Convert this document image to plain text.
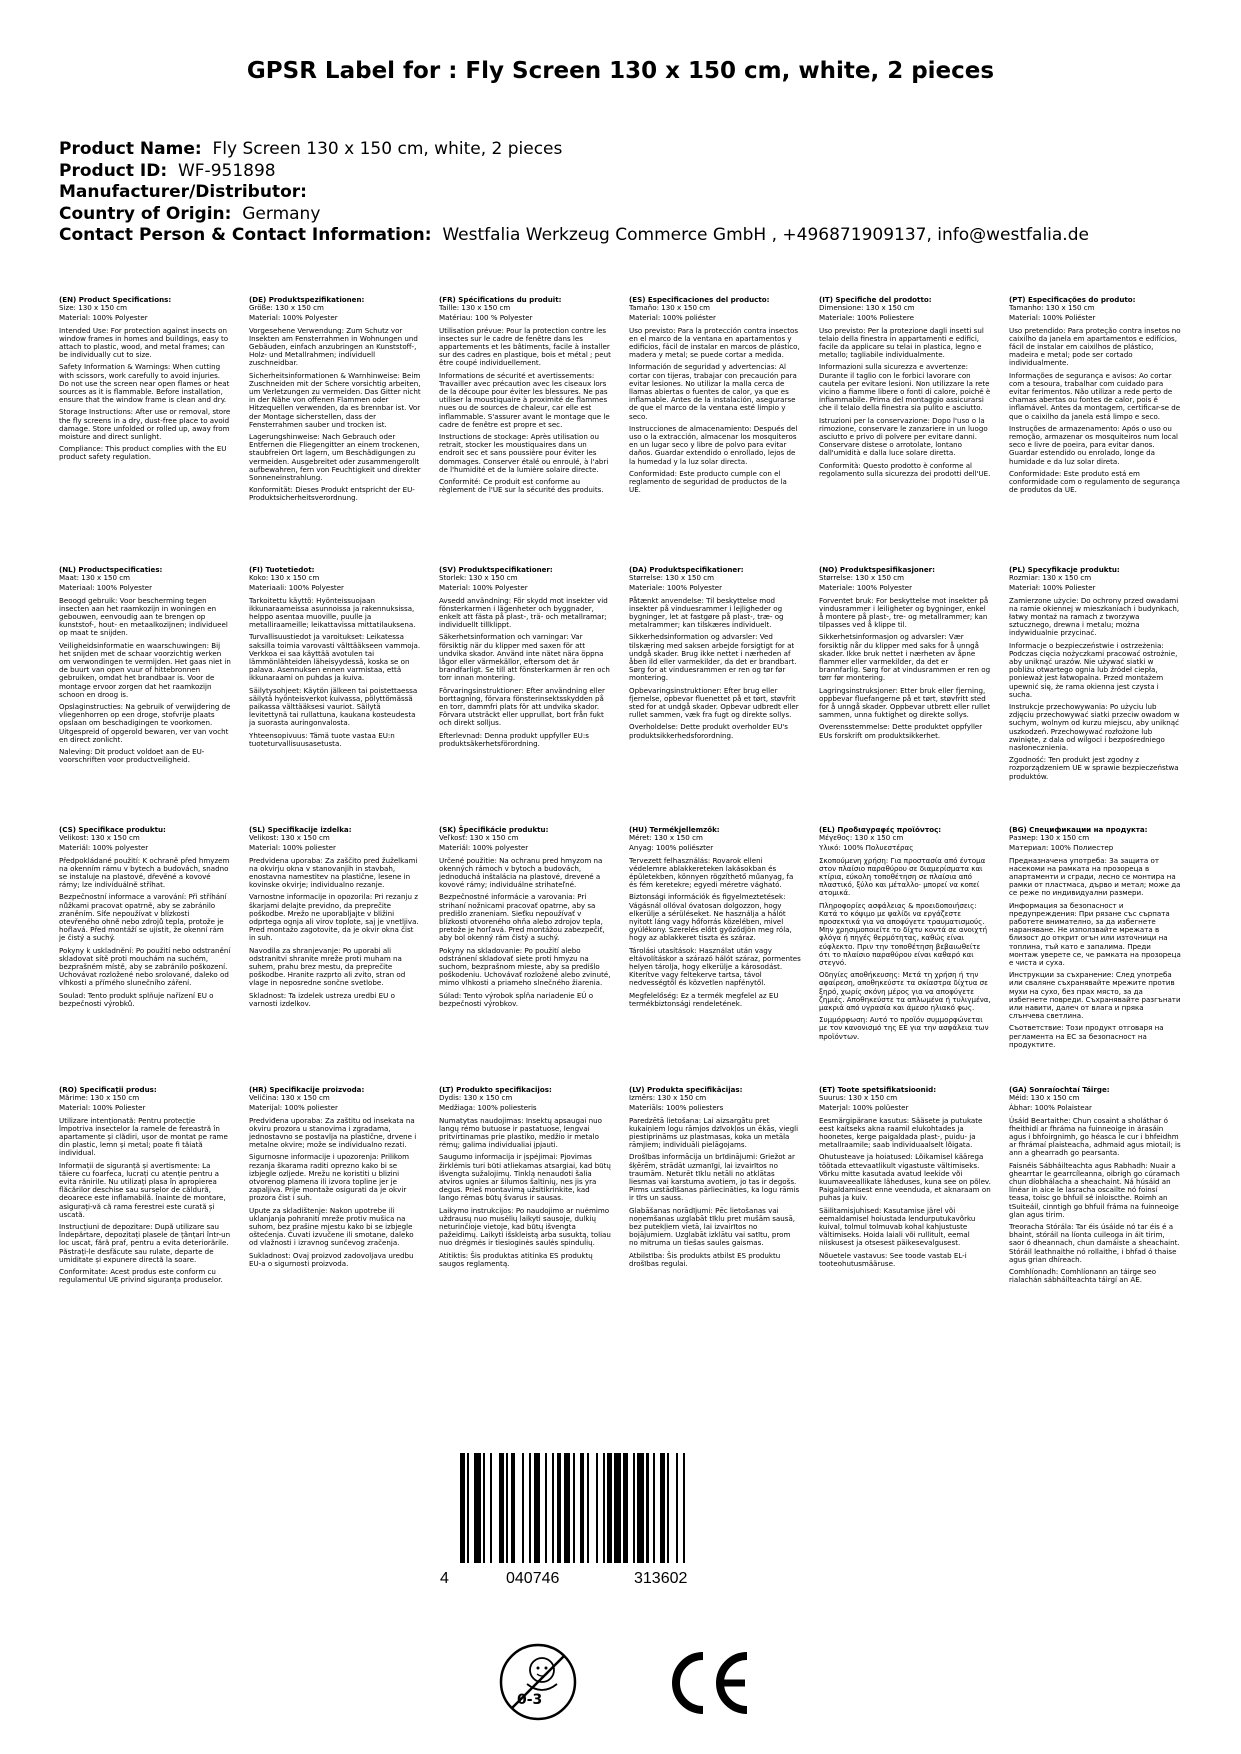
GPSR Label for : Fly Screen 130 x 150 cm, white, 2 pieces
Product Name: Fly Screen 130 x 150 cm, white, 2 pieces
Product ID: WF-951898
Manufacturer/Distributor:
Country of Origin: Germany
Contact Person & Contact Information: Westfalia Werkzeug Commerce GmbH , +496871909137, info@westfalia.de
(EN) Product Specifications:

Size: 130 x 150 cm

Material: 100% Polyester

Intended Use: For protection against insects on window frames in homes and buildings, easy to attach to plastic, wood, and metal frames; can be individually cut to size.

Safety Information & Warnings: When cutting with scissors, work carefully to avoid injuries. Do not use the screen near open flames or heat sources as it is flammable. Before installation, ensure that the window frame is clean and dry.

Storage Instructions: After use or removal, store the fly screens in a dry, dust-free place to avoid damage. Store unfolded or rolled up, away from moisture and direct sunlight.

Compliance: This product complies with the EU product safety regulation.

(DE) Produktspezifikationen:

Größe: 130 x 150 cm

Material: 100% Polyester

Vorgesehene Verwendung: Zum Schutz vor Insekten am Fensterrahmen in Wohnungen und Gebäuden, einfach anzubringen an Kunststoff-, Holz- und Metallrahmen; individuell zuschneidbar.

Sicherheitsinformationen & Warnhinweise: Beim Zuschneiden mit der Schere vorsichtig arbeiten, um Verletzungen zu vermeiden. Das Gitter nicht in der Nähe von offenen Flammen oder Hitzequellen verwenden, da es brennbar ist. Vor der Montage sicherstellen, dass der Fensterrahmen sauber und trocken ist.

Lagerungshinweise: Nach Gebrauch oder Entfernen die Fliegengitter an einem trockenen, staubfreien Ort lagern, um Beschädigungen zu vermeiden. Ausgebreitet oder zusammengerollt aufbewahren, fern von Feuchtigkeit und direkter Sonneneinstrahlung.

Konformität: Dieses Produkt entspricht der EU-Produktsicherheitsverordnung.

(FR) Spécifications du produit:

Taille: 130 x 150 cm

Matériau: 100 % Polyester

Utilisation prévue: Pour la protection contre les insectes sur le cadre de fenêtre dans les appartements et les bâtiments, facile à installer sur des cadres en plastique, bois et métal ; peut être coupé individuellement.

Informations de sécurité et avertissements: Travailler avec précaution avec les ciseaux lors de la découpe pour éviter les blessures. Ne pas utiliser la moustiquaire à proximité de flammes nues ou de sources de chaleur, car elle est inflammable. S'assurer avant le montage que le cadre de fenêtre est propre et sec.

Instructions de stockage: Après utilisation ou retrait, stocker les moustiquaires dans un endroit sec et sans poussière pour éviter les dommages. Conserver étalé ou enroulé, à l'abri de l'humidité et de la lumière solaire directe.

Conformité: Ce produit est conforme au règlement de l'UE sur la sécurité des produits.

(ES) Especificaciones del producto:

Tamaño: 130 x 150 cm

Material: 100% poliéster

Uso previsto: Para la protección contra insectos en el marco de la ventana en apartamentos y edificios, fácil de instalar en marcos de plástico, madera y metal; se puede cortar a medida.

Información de seguridad y advertencias: Al cortar con tijeras, trabajar con precaución para evitar lesiones. No utilizar la malla cerca de llamas abiertas o fuentes de calor, ya que es inflamable. Antes de la instalación, asegurarse de que el marco de la ventana esté limpio y seco.

Instrucciones de almacenamiento: Después del uso o la extracción, almacenar los mosquiteros en un lugar seco y libre de polvo para evitar daños. Guardar extendido o enrollado, lejos de la humedad y la luz solar directa.

Conformidad: Este producto cumple con el reglamento de seguridad de productos de la UE.

(IT) Specifiche del prodotto:

Dimensione: 130 x 150 cm

Materiale: 100% Poliestere

Uso previsto: Per la protezione dagli insetti sul telaio della finestra in appartamenti e edifici, facile da applicare su telai in plastica, legno e metallo; tagliabile individualmente.

Informazioni sulla sicurezza e avvertenze: Durante il taglio con le forbici lavorare con cautela per evitare lesioni. Non utilizzare la rete vicino a fiamme libere o fonti di calore, poiché è infiammabile. Prima del montaggio assicurarsi che il telaio della finestra sia pulito e asciutto.

Istruzioni per la conservazione: Dopo l'uso o la rimozione, conservare le zanzariere in un luogo asciutto e privo di polvere per evitare danni. Conservare distese o arrotolate, lontano dall'umidità e dalla luce solare diretta.

Conformità: Questo prodotto è conforme al regolamento sulla sicurezza dei prodotti dell'UE.

(PT) Especificações do produto:

Tamanho: 130 x 150 cm

Material: 100% Poliéster

Uso pretendido: Para proteção contra insetos no caixilho da janela em apartamentos e edifícios, fácil de instalar em caixilhos de plástico, madeira e metal; pode ser cortado individualmente.

Informações de segurança e avisos: Ao cortar com a tesoura, trabalhar com cuidado para evitar ferimentos. Não utilizar a rede perto de chamas abertas ou fontes de calor, pois é inflamável. Antes da montagem, certificar-se de que o caixilho da janela está limpo e seco.

Instruções de armazenamento: Após o uso ou remoção, armazenar os mosquiteiros num local seco e livre de poeira, para evitar danos. Guardar estendido ou enrolado, longe da humidade e da luz solar direta.

Conformidade: Este produto está em conformidade com o regulamento de segurança de produtos da UE.

(NL) Productspecificaties:

Maat: 130 x 150 cm

Materiaal: 100% Polyester

Beoogd gebruik: Voor bescherming tegen insecten aan het raamkozijn in woningen en gebouwen, eenvoudig aan te brengen op kunststof-, hout- en metaalkozijnen; individueel op maat te snijden.

Veiligheidsinformatie en waarschuwingen: Bij het snijden met de schaar voorzichtig werken om verwondingen te vermijden. Het gaas niet in de buurt van open vuur of hittebronnen gebruiken, omdat het brandbaar is. Voor de montage ervoor zorgen dat het raamkozijn schoon en droog is.

Opslaginstructies: Na gebruik of verwijdering de vliegenhorren op een droge, stofvrije plaats opslaan om beschadigingen te voorkomen. Uitgespreid of opgerold bewaren, ver van vocht en direct zonlicht.

Naleving: Dit product voldoet aan de EU-voorschriften voor productveiligheid.

(FI) Tuotetiedot:

Koko: 130 x 150 cm

Materiaali: 100% Polyester

Tarkoitettu käyttö: Hyönteissuojaan ikkunaraameissa asunnoissa ja rakennuksissa, helppo asentaa muoville, puulle ja metallirаameille; leikattavissa mittatilauksena.

Turvallisuustiedot ja varoitukset: Leikatessa saksilla toimia varovasti välttääkseen vammoja. Verkkoa ei saa käyttää avotulen tai lämmönlähteiden läheisyydessä, koska se on palava. Asennuksen ennen varmistaa, että ikkunaraami on puhdas ja kuiva.

Säilytysohjeet: Käytön jälkeen tai poistettaessa säilytä hyönteisverkot kuivassa, pölyttömässä paikassa välttääksesi vauriot. Säilytä levitettynä tai rullattuna, kaukana kosteudesta ja suorasta auringonvalosta.

Yhteensopivuus: Tämä tuote vastaa EU:n tuoteturvallisuusasetusta.

(SV) Produktspecifikationer:

Storlek: 130 x 150 cm

Material: 100% Polyester

Avsedd användning: För skydd mot insekter vid fönsterkarmen i lägenheter och byggnader, enkelt att fästa på plast-, trä- och metallramar; individuellt tillklippt.

Säkerhetsinformation och varningar: Var försiktig när du klipper med saxen för att undvika skador. Använd inte nätet nära öppna lågor eller värmekällor, eftersom det är brandfarligt. Se till att fönsterkarmen är ren och torr innan montering.

Förvaringsinstruktioner: Efter användning eller borttagning, förvara fönsterinsektsskydden på en torr, dammfri plats för att undvika skador. Förvara utsträckt eller upprullat, bort från fukt och direkt solljus.

Efterlevnad: Denna produkt uppfyller EU:s produktsäkerhetsförordning.

(DA) Produktspecifikationer:

Størrelse: 130 x 150 cm

Materiale: 100% Polyester

Påtænkt anvendelse: Til beskyttelse mod insekter på vinduesrammer i lejligheder og bygninger, let at fastgøre på plast-, træ- og metalrammer; kan tilskæres individuelt.

Sikkerhedsinformation og advarsler: Ved tilskæring med saksen arbejde forsigtigt for at undgå skader. Brug ikke nettet i nærheden af åben ild eller varmekilder, da det er brandbart. Sørg for at vinduesrammen er ren og tør før montering.

Opbevaringsinstruktioner: Efter brug eller fjernelse, opbevar fluenettet på et tørt, støvfrit sted for at undgå skader. Opbevar udbredt eller rullet sammen, væk fra fugt og direkte sollys.

Overholdelse: Dette produkt overholder EU's produktsikkerhedsforordning.

(NO) Produktspesifikasjoner:

Størrelse: 130 x 150 cm

Materiale: 100% Polyester

Forventet bruk: For beskyttelse mot insekter på vindusrammer i leiligheter og bygninger, enkel å montere på plast-, tre- og metallrammer; kan tilpasses ved å klippe til.

Sikkerhetsinformasjon og advarsler: Vær forsiktig når du klipper med saks for å unngå skader. Ikke bruk nettet i nærheten av åpne flammer eller varmekilder, da det er brannfarlig. Sørg for at vindusrammen er ren og tørr før montering.

Lagringsinstruksjoner: Etter bruk eller fjerning, oppbevar fluefangerne på et tørt, støvfritt sted for å unngå skader. Oppbevar utbrett eller rullet sammen, unna fuktighet og direkte sollys.

Overensstemmelse: Dette produktet oppfyller EUs forskrift om produktsikkerhet.

(PL) Specyfikacje produktu:

Rozmiar: 130 x 150 cm

Materiał: 100% Poliester

Zamierzone użycie: Do ochrony przed owadami na ramie okiennej w mieszkaniach i budynkach, łatwy montaż na ramach z tworzywa sztucznego, drewna i metalu; można indywidualnie przycinać.

Informacje o bezpieczeństwie i ostrzeżenia: Podczas cięcia nożyczkami pracować ostrożnie, aby uniknąć urazów. Nie używać siatki w pobliżu otwartego ognia lub źródeł ciepła, ponieważ jest łatwopalna. Przed montażem upewnić się, że rama okienna jest czysta i sucha.

Instrukcje przechowywania: Po użyciu lub zdjęciu przechowywać siatki przeciw owadom w suchym, wolnym od kurzu miejscu, aby uniknąć uszkodzeń. Przechowywać rozłożone lub zwinięte, z dala od wilgoci i bezpośredniego nasłonecznienia.

Zgodność: Ten produkt jest zgodny z rozporządzeniem UE w sprawie bezpieczeństwa produktów.

(CS) Specifikace produktu:

Velikost: 130 x 150 cm

Materiál: 100% polyester

Předpokládané použití: K ochraně před hmyzem na okenním rámu v bytech a budovách, snadno se instaluje na plastové, dřevěné a kovové rámy; lze individuálně stříhat.

Bezpečnostní informace a varování: Při stříhání nůžkami pracovat opatrně, aby se zabránilo zraněním. Síťe nepoužívat v blízkosti otevřeného ohně nebo zdrojů tepla, protože je hořlavá. Před montáží se ujistit, že okenní rám je čistý a suchý.

Pokyny k uskladnění: Po použití nebo odstranění skladovat sítě proti mouchám na suchém, bezprašném místě, aby se zabránilo poškození. Uchovávat rozložené nebo srolované, daleko od vlhkosti a přímého slunečního záření.

Soulad: Tento produkt splňuje nařízení EU o bezpečnosti výrobků.

(SL) Specifikacije izdelka:

Velikost: 130 x 150 cm

Material: 100% poliester

Predvidena uporaba: Za zaščito pred žuželkami na okvirju okna v stanovanjih in stavbah, enostavna namestitev na plastične, lesene in kovinske okvirje; individualno rezanje.

Varnostne informacije in opozorila: Pri rezanju z škarjami delajte previdno, da preprečite poškodbe. Mrežo ne uporabljajte v bližini odprtega ognja ali virov toplote, saj je vnetljiva. Pred montažo zagotovite, da je okvir okna čist in suh.

Navodila za shranjevanje: Po uporabi ali odstranitvi shranite mreže proti muham na suhem, prahu brez mestu, da preprečite poškodbe. Hranite razprto ali zvito, stran od vlage in neposredne sončne svetlobe.

Skladnost: Ta izdelek ustreza uredbi EU o varnosti izdelkov.

(SK) Špecifikácie produktu:

Veľkosť: 130 x 150 cm

Materiál: 100% polyester

Určené použitie: Na ochranu pred hmyzom na okenných rámoch v bytoch a budovách, jednoduchá inštalácia na plastové, drevené a kovové rámy; individuálne strihateľné.

Bezpečnostné informácie a varovania: Pri strihaní nožnicami pracovať opatrne, aby sa predišlo zraneniam. Sieťku nepoužívať v blízkosti otvoreného ohňa alebo zdrojov tepla, pretože je horľavá. Pred montážou zabezpečiť, aby bol okenný rám čistý a suchý.

Pokyny na skladovanie: Po použití alebo odstránení skladovať siete proti hmyzu na suchom, bezprašnom mieste, aby sa predišlo poškodeniu. Uchovávať rozložené alebo zvinuté, mimo vlhkosti a priameho slnečného žiarenia.

Súlad: Tento výrobok spĺňa nariadenie EÚ o bezpečnosti výrobkov.

(HU) Termékjellemzők:

Méret: 130 x 150 cm

Anyag: 100% poliészter

Tervezett felhasználás: Rovarok elleni védelemre ablakkereteken lakásokban és épületekben, könnyen rögzíthető műanyag, fa és fém keretekre; egyedi méretre vágható.

Biztonsági információk és figyelmeztetések: Vágásnál ollóval óvatosan dolgozzon, hogy elkerülje a sérüléseket. Ne használja a hálót nyitott láng vagy hőforrás közelében, mivel gyúlékony. Szerelés előtt győződjön meg róla, hogy az ablakkeret tiszta és száraz.

Tárolási utasítások: Használat után vagy eltávolításkor a szárazó hálót száraz, pormentes helyen tárolja, hogy elkerülje a károsodást. Kiterítve vagy feltekerve tartsa, távol nedvességtől és közvetlen napfénytől.

Megfelelőség: Ez a termék megfelel az EU termékbiztonsági rendeletének.

(EL) Προδιαγραφές προϊόντος:

Μέγεθος: 130 x 150 cm

Υλικό: 100% Πολυεστέρας

Σκοπούμενη χρήση: Για προστασία από έντομα στον πλαίσιο παραθύρου σε διαμερίσματα και κτίρια, εύκολη τοποθέτηση σε πλαίσια από πλαστικό, ξύλο και μέταλλο· μπορεί να κοπεί ατομικά.

Πληροφορίες ασφάλειας & προειδοποιήσεις: Κατά το κόψιμο με ψαλίδι να εργάζεστε προσεκτικά για να αποφύγετε τραυματισμούς. Μην χρησιμοποιείτε το δίχτυ κοντά σε ανοιχτή φλόγα ή πηγές θερμότητας, καθώς είναι εύφλεκτο. Πριν την τοποθέτηση βεβαιωθείτε ότι το πλαίσιο παραθύρου είναι καθαρό και στεγνό.

Οδηγίες αποθήκευσης: Μετά τη χρήση ή την αφαίρεση, αποθηκεύστε τα σκίαστρα δίχτυα σε ξηρό, χωρίς σκόνη μέρος για να αποφύγετε ζημιές. Αποθηκεύστε τα απλωμένα ή τυλιγμένα, μακριά από υγρασία και άμεσο ηλιακό φως.

Συμμόρφωση: Αυτό το προϊόν συμμορφώνεται με τον κανονισμό της ΕΕ για την ασφάλεια των προϊόντων.

(BG) Спецификации на продукта:

Размер: 130 x 150 cm

Материал: 100% Полиестер

Предназначена употреба: За защита от насекоми на рамката на прозореца в апартаменти и сгради, лесно се монтира на рамки от пластмаса, дърво и метал; може да се реже по индивидуални размери.

Информация за безопасност и предупреждения: При рязане със сърпата работете внимателно, за да избегнете нараняванe. Не използвайте мрежата в близост до открит огън или източници на топлина, тъй като е запалима. Преди монтаж уверете се, че рамката на прозореца е чиста и суха.

Инструкции за съхранение: След употреба или сваляне съхранявайте мрежите против мухи на сухо, без прах място, за да избегнете повреди. Съхранявайте разгънати или навити, далеч от влага и пряка слънчева светлина.

Съответствие: Този продукт отговаря на регламента на ЕС за безопасност на продуктите.

(RO) Specificații produs:

Mărime: 130 x 150 cm

Material: 100% Poliester

Utilizare intenționată: Pentru protecție împotriva insectelor la ramele de fereastră în apartamente și clădiri, ușor de montat pe rame din plastic, lemn și metal; poate fi tăiată individual.

Informații de siguranță și avertismente: La tăiere cu foarfeca, lucrați cu atenție pentru a evita rănirile. Nu utilizați plasa în apropierea flăcărilor deschise sau surselor de căldură, deoarece este inflamabilă. Înainte de montare, asigurați-vă că rama ferestrei este curată și uscată.

Instrucțiuni de depozitare: După utilizare sau îndepărtare, depozitați plasele de țânțari într-un loc uscat, fără praf, pentru a evita deteriorările. Păstrați-le desfăcute sau rulate, departe de umiditate și expunere directă la soare.

Conformitate: Acest produs este conform cu regulamentul UE privind siguranța produselor.

(HR) Specifikacije proizvoda:

Veličina: 130 x 150 cm

Materijal: 100% poliester

Predviđena uporaba: Za zaštitu od insekata na okviru prozora u stanovima i zgradama, jednostavno se postavlja na plastične, drvene i metalne okvire; može se individualno rezati.

Sigurnosne informacije i upozorenja: Prilikom rezanja škarama raditi oprezno kako bi se izbjegle ozljede. Mrežu ne koristiti u blizini otvorenog plamena ili izvora topline jer je zapaljiva. Prije montaže osigurati da je okvir prozora čist i suh.

Upute za skladištenje: Nakon upotrebe ili uklanjanja pohraniti mreže protiv mušica na suhom, bez prašine mjestu kako bi se izbjegle oštećenja. Čuvati izvučene ili smotane, daleko od vlažnosti i izravnog sunčevog zračenja.

Sukladnost: Ovaj proizvod zadovoljava uredbu EU-a o sigurnosti proizvoda.

(LT) Produkto specifikacijos:

Dydis: 130 x 150 cm

Medžiaga: 100% poliesteris

Numatytas naudojimas: Insektų apsaugai nuo langų rėmo butuose ir pastatuose, lengvai pritvirtinamas prie plastiko, medžio ir metalo rėmų; galima individualiai įpjauti.

Saugumo informacija ir įspėjimai: Pjovimas žirklėmis turi būti atliekamas atsargiai, kad būtų išvengta sužalojimų. Tinklą nenaudoti šalia atviros ugnies ar šilumos šaltinių, nes jis yra degus. Prieš montavimą užsitikrinkite, kad lango rėmas būtų švarus ir sausas.

Laikymo instrukcijos: Po naudojimo ar nuėmimo uždrausų nuo musėlių laikyti sausoje, dulkių neturinčioje vietoje, kad būtų išvengta pažeidimų. Laikyti išskleistą arba susuktą, toliau nuo drėgmės ir tiesioginės saulės spindulių.

Atitiktis: Šis produktas atitinka ES produktų saugos reglamentą.

(LV) Produkta specifikācijas:

Izmērs: 130 x 150 cm

Materiāls: 100% poliesters

Paredzētā lietošana: Lai aizsargātu pret kukaiņiem logu rāmjos dzīvokļos un ēkās, viegli piestiprināms uz plastmasas, koka un metāla rāmjiem; individuāli pielāgojams.

Drošības informācija un brīdinājumi: Griežot ar šķērēm, strādāt uzmanīgi, lai izvairītos no traumām. Neturēt tīklu netāli no atklātas liesmas vai karstuma avotiem, jo tas ir degošs. Pirms uzstādīšanas pārliecināties, ka logu rāmis ir tīrs un sauss.

Glabāšanas norādījumi: Pēc lietošanas vai noņemšanas uzglabāt tīklu pret mušām sausā, bez putekļiem vietā, lai izvairītos no bojājumiem. Uzglabāt izklātu vai satītu, prom no mitruma un tiešas saules gaismas.

Atbilstība: Šis produkts atbilst ES produktu drošības regulai.

(ET) Toote spetsifikatsioonid:

Suurus: 130 x 150 cm

Materjal: 100% polüester

Eesmärgipärane kasutus: Sääsete ja putukate eest kaitseks akna raamil elukohtades ja hoonetes, kerge paigaldada plast-, puidu- ja metallraamile; saab individuaalselt lõigata.

Ohutusteave ja hoiatused: Lõikamisel käärega töötada ettevaatlikult vigastuste vältimiseks. Võrku mitte kasutada avatud leekide või kuumaveeallikate läheduses, kuna see on põlev. Paigaldamisest enne veenduda, et aknaraam on puhas ja kuiv.

Säilitamisjuhised: Kasutamise järel või eemaldamisel hoiustada lendurputukavõrku kuival, tolmul tolmuvab kohal kahjustuste vältimiseks. Hoida laiali või rullitult, eemal niiskusest ja otsesest päikesevalgusest.

Nõuetele vastavus: See toode vastab EL-i tooteohutusmääruse.

(GA) Sonraíochtaí Táirge:

Méid: 130 x 150 cm

Ábhar: 100% Polaistear

Úsáid Beartaithe: Chun cosaint a sholáthar ó fheithidí ar fhráma na fuinneoige in árasáin agus i bhfoirgnimh, go héasca le cur i bhfeidhm ar fhrámaí plaisteacha, adhmaid agus miotail; is ann a ghearradh go pearsanta.

Faisnéis Sábháilteachta agus Rabhadh: Nuair a ghearrtar le gearrcíleanna, oibrigh go cúramach chun díobhálacha a sheachaint. Ná húsáid an línéar in aice le lasracha oscailte nó foinsí teasa, toisc go bhfuil sé inloiscthe. Roimh an tSuiteáil, cinntigh go bhfuil fráma na fuinneoige glan agus tirim.

Treoracha Stórála: Tar éis úsáide nó tar éis é a bhaint, stóráil na líonta cuileoga in áit tirim, saor ó dheannach, chun damáiste a sheachaint. Stóráil leathnaithe nó rollaithe, i bhfad ó thaise agus grian dhíreach.

Comhlíonadh: Comhlíonann an táirge seo rialachán sábháilteachta táirgí an AE.

4	040746	313602
0-3
